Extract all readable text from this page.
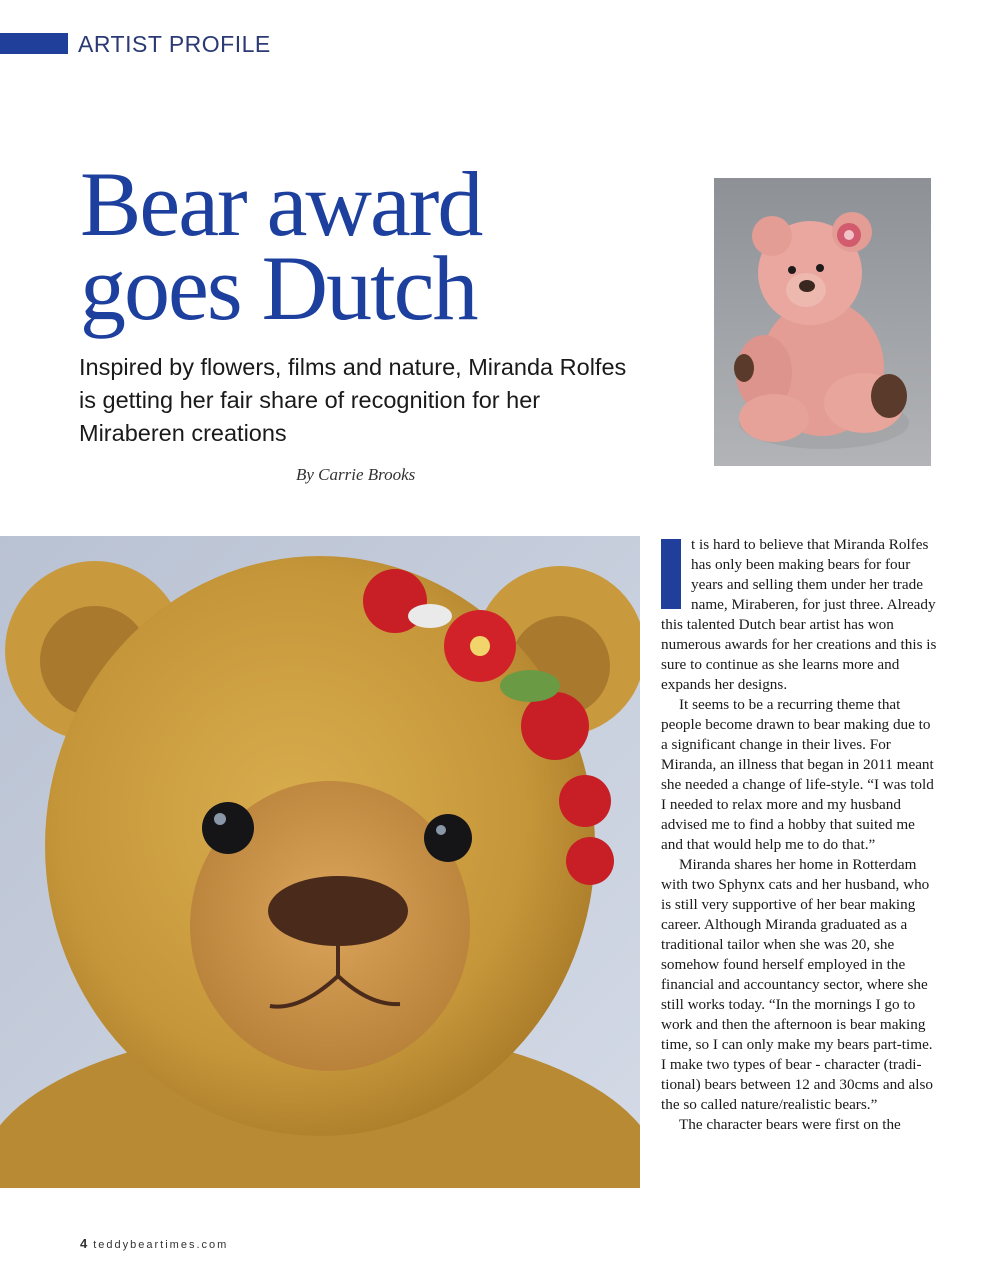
ARTIST PROFILE
Bear award
goes Dutch

Inspired by flowers, films and nature, Miranda Rolfes is getting her fair share of recognition for her Miraberen creations

By Carrie Brooks

t is hard to believe that Miranda Rolfes has only been making bears for four years and selling them under her trade name, Miraberen, for just three. Already this talented Dutch bear artist has won numerous awards for her creations and this is sure to continue as she learns more and expands her designs.

It seems to be a recurring theme that people become drawn to bear making due to a significant change in their lives. For Miranda, an illness that began in 2011 meant she needed a change of life-style. “I was told I needed to relax more and my husband advised me to find a hobby that suited me and that would help me to do that.”

Miranda shares her home in Rotterdam with two Sphynx cats and her husband, who is still very supportive of her bear making career. Although Miranda graduated as a traditional tailor when she was 20, she somehow found herself employed in the financial and accountancy sector, where she still works today. “In the mornings I go to work and then the afternoon is bear making time, so I can only make my bears part-time. I make two types of bear - character (tradi-tional) bears between 12 and 30cms and also the so called nature/realistic bears.”

The character bears were first on the

4 teddybeartimes.com
